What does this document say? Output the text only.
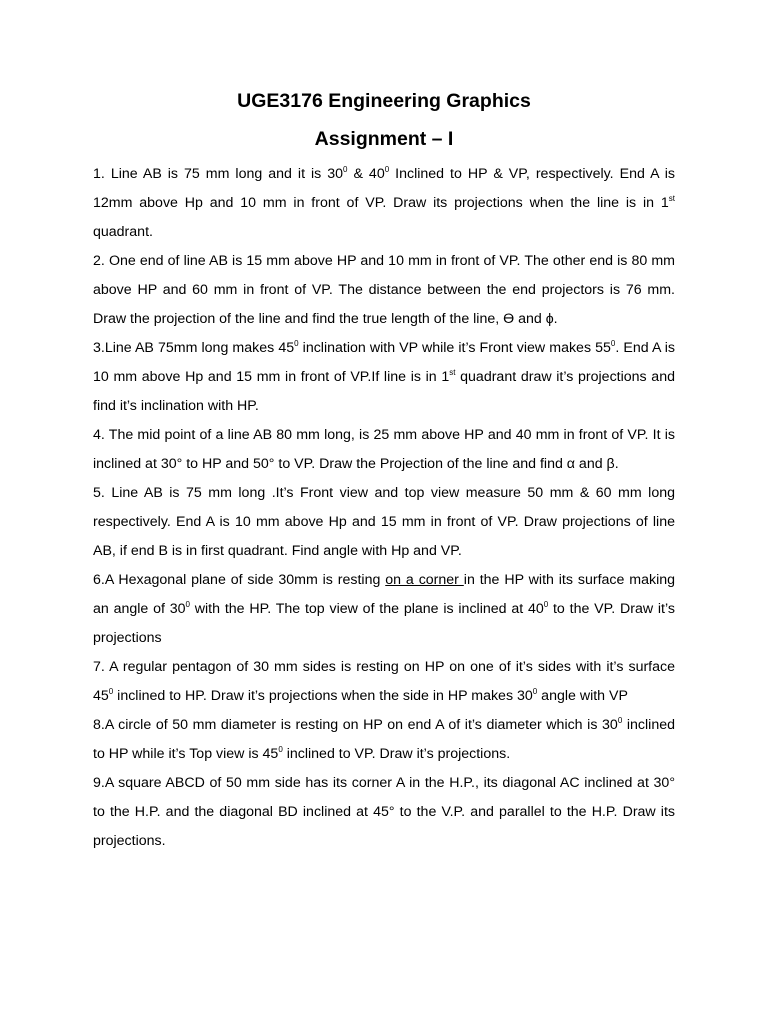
UGE3176 Engineering Graphics
Assignment – I

1. Line AB is 75 mm long and it is $30^0$ & $40^0$ Inclined to HP & VP, respectively. End A is 12mm above Hp and 10 mm in front of VP. Draw its projections when the line is in 1st quadrant.

2. One end of line AB is 15 mm above HP and 10 mm in front of VP. The other end is 80 mm above HP and 60 mm in front of VP. The distance between the end projectors is 76 mm. Draw the projection of the line and find the true length of the line, Ө and ϕ.

3.Line AB 75mm long makes $45^0$ inclination with VP while it’s Front view makes $55^0$. End A is 10 mm above Hp and 15 mm in front of VP.If line is in 1st quadrant draw it’s projections and find it’s inclination with HP.

4. The mid point of a line AB 80 mm long, is 25 mm above HP and 40 mm in front of VP. It is inclined at 30° to HP and 50° to VP. Draw the Projection of the line and find α and β.

5. Line AB is 75 mm long .It’s Front view and top view measure 50 mm & 60 mm long respectively. End A is 10 mm above Hp and 15 mm in front of VP. Draw projections of line AB, if end B is in first quadrant. Find angle with Hp and VP.

6.A Hexagonal plane of side 30mm is resting on a corner in the HP with its surface making an angle of $30^0$ with the HP. The top view of the plane is inclined at $40^0$ to the VP. Draw it’s projections

7. A regular pentagon of 30 mm sides is resting on HP on one of it’s sides with it’s surface $45^0$ inclined to HP. Draw it’s projections when the side in HP makes $30^0$ angle with VP

8.A circle of 50 mm diameter is resting on HP on end A of it’s diameter which is $30^0$ inclined to HP while it’s Top view is $45^0$ inclined to VP. Draw it’s projections.

9.A square ABCD of 50 mm side has its corner A in the H.P., its diagonal AC inclined at 30° to the H.P. and the diagonal BD inclined at 45° to the V.P. and parallel to the H.P. Draw its projections.
